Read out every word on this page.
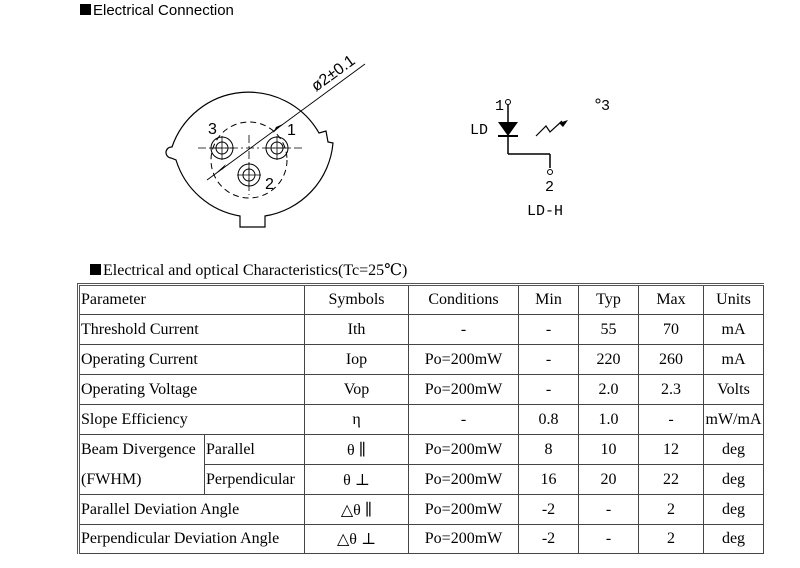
Electrical Connection
ø2±0.1
3	1
2
1
LD
2
LD-H
3
Electrical and optical Characteristics(Tc=25℃)
Parameter		Symbols	Conditions	Min	Typ	Max	Units
Threshold Current		Ith	-	-	55	70	mA
Operating Current		Iop	Po=200mW	-	220	260	mA
Operating Voltage		Vop	Po=200mW	-	2.0	2.3	Volts
Slope Efficiency		η	-	0.8	1.0	-	mW/mA
Beam Divergence	Parallel	θ ∥	Po=200mW	8	10	12	deg
(FWHM)	Perpendicular	θ ⊥	Po=200mW	16	20	22	deg
Parallel Deviation Angle		△θ ∥	Po=200mW	-2	-	2	deg
Perpendicular Deviation Angle		△θ ⊥	Po=200mW	-2	-	2	deg
